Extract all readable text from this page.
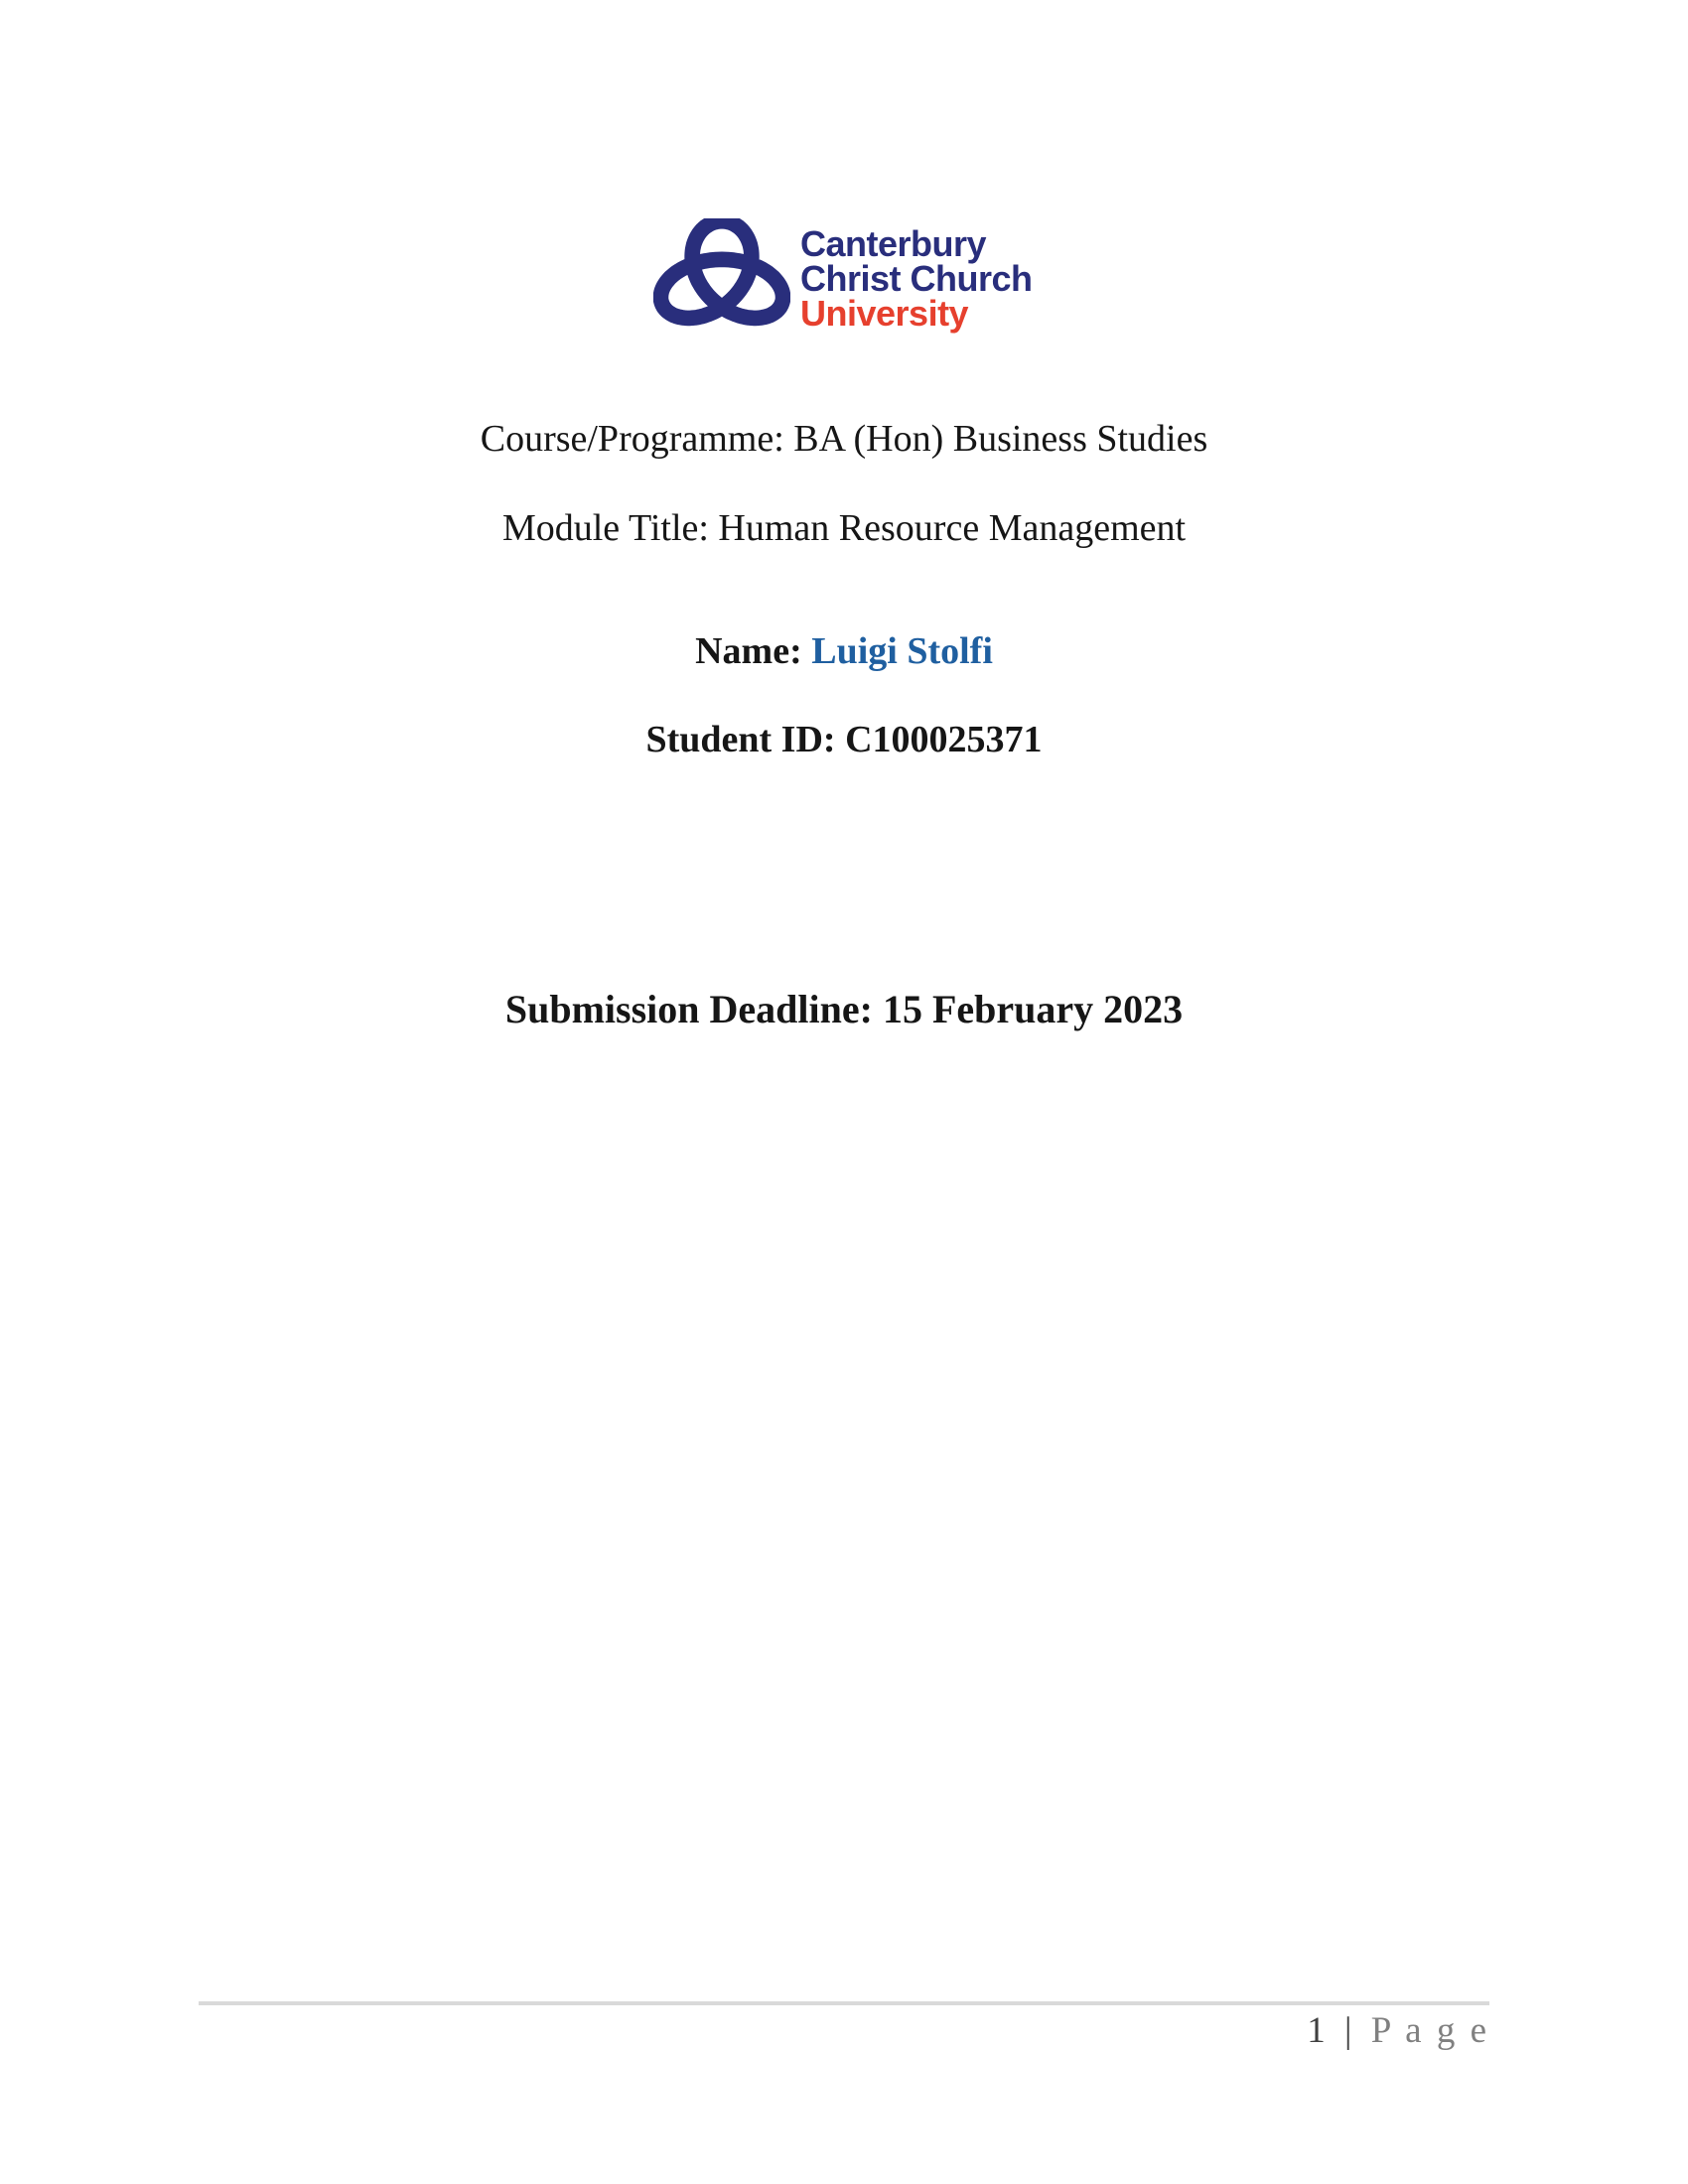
Canterbury
Christ Church
University
Course/Programme: BA (Hon) Business Studies
Module Title: Human Resource Management
Name: Luigi Stolfi
Student ID: C100025371
Submission Deadline: 15 February 2023
1 | P a g e
